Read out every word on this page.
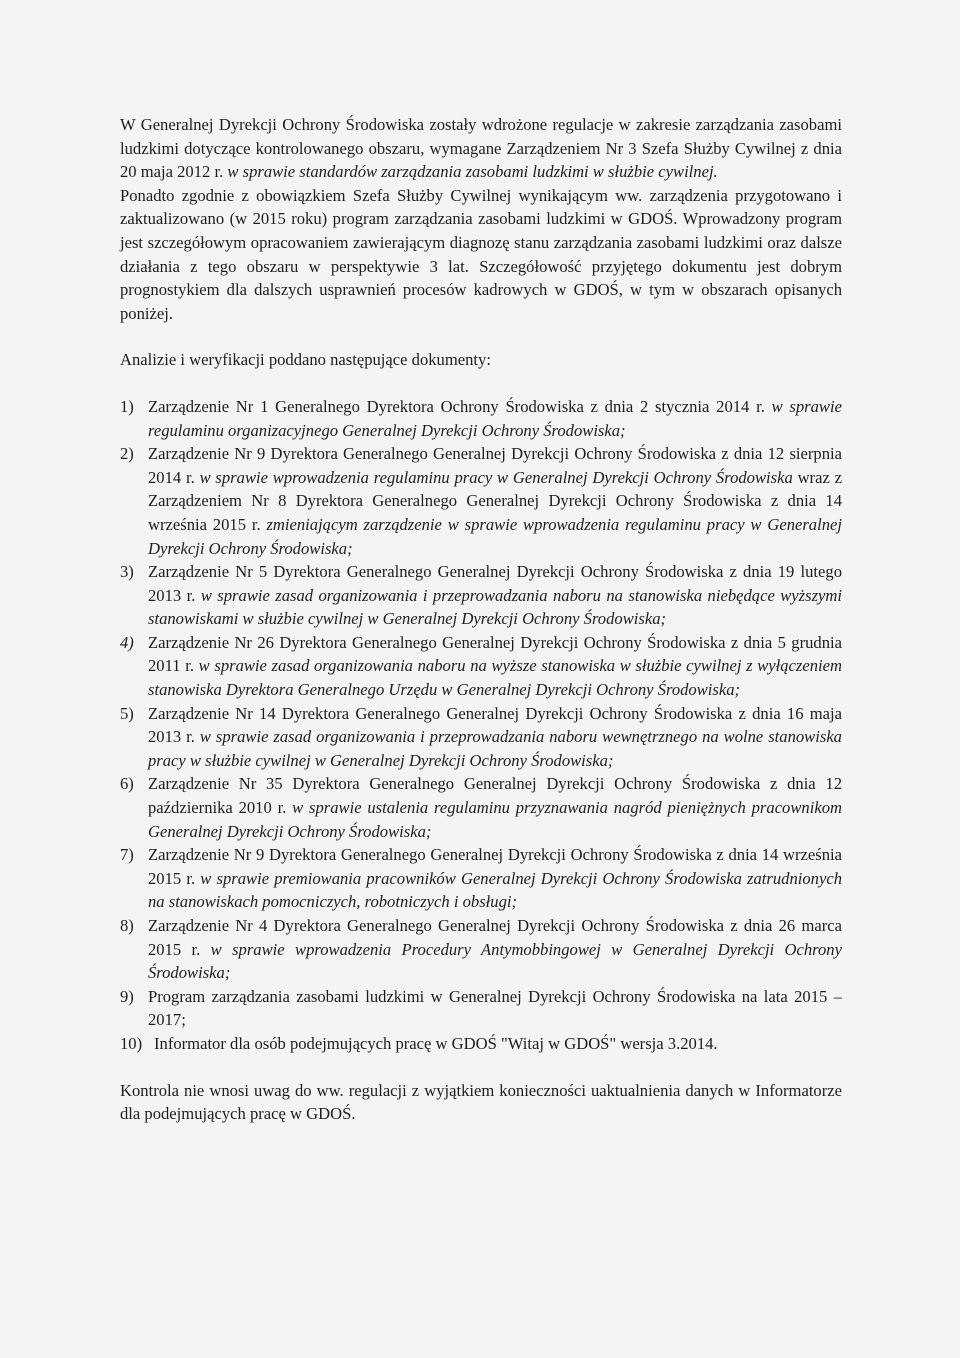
W Generalnej Dyrekcji Ochrony Środowiska zostały wdrożone regulacje w zakresie zarządzania zasobami ludzkimi dotyczące kontrolowanego obszaru, wymagane Zarządzeniem Nr 3 Szefa Służby Cywilnej z dnia 20 maja 2012 r. w sprawie standardów zarządzania zasobami ludzkimi w służbie cywilnej.

Ponadto zgodnie z obowiązkiem Szefa Służby Cywilnej wynikającym ww. zarządzenia przygotowano i zaktualizowano (w 2015 roku) program zarządzania zasobami ludzkimi w GDOŚ. Wprowadzony program jest szczegółowym opracowaniem zawierającym diagnozę stanu zarządzania zasobami ludzkimi oraz dalsze działania z tego obszaru w perspektywie 3 lat. Szczegółowość przyjętego dokumentu jest dobrym prognostykiem dla dalszych usprawnień procesów kadrowych w GDOŚ, w tym w obszarach opisanych poniżej.

Analizie i weryfikacji poddano następujące dokumenty:

1) Zarządzenie Nr 1 Generalnego Dyrektora Ochrony Środowiska z dnia 2 stycznia 2014 r. w sprawie regulaminu organizacyjnego Generalnej Dyrekcji Ochrony Środowiska;
2) Zarządzenie Nr 9 Dyrektora Generalnego Generalnej Dyrekcji Ochrony Środowiska z dnia 12 sierpnia 2014 r. w sprawie wprowadzenia regulaminu pracy w Generalnej Dyrekcji Ochrony Środowiska wraz z Zarządzeniem Nr 8 Dyrektora Generalnego Generalnej Dyrekcji Ochrony Środowiska z dnia 14 września 2015 r. zmieniającym zarządzenie w sprawie wprowadzenia regulaminu pracy w Generalnej Dyrekcji Ochrony Środowiska;
3) Zarządzenie Nr 5 Dyrektora Generalnego Generalnej Dyrekcji Ochrony Środowiska z dnia 19 lutego 2013 r. w sprawie zasad organizowania i przeprowadzania naboru na stanowiska niebędące wyższymi stanowiskami w służbie cywilnej w Generalnej Dyrekcji Ochrony Środowiska;
4) Zarządzenie Nr 26 Dyrektora Generalnego Generalnej Dyrekcji Ochrony Środowiska z dnia 5 grudnia 2011 r. w sprawie zasad organizowania naboru na wyższe stanowiska w służbie cywilnej z wyłączeniem stanowiska Dyrektora Generalnego Urzędu w Generalnej Dyrekcji Ochrony Środowiska;
5) Zarządzenie Nr 14 Dyrektora Generalnego Generalnej Dyrekcji Ochrony Środowiska z dnia 16 maja 2013 r. w sprawie zasad organizowania i przeprowadzania naboru wewnętrznego na wolne stanowiska pracy w służbie cywilnej w Generalnej Dyrekcji Ochrony Środowiska;
6) Zarządzenie Nr 35 Dyrektora Generalnego Generalnej Dyrekcji Ochrony Środowiska z dnia 12 października 2010 r. w sprawie ustalenia regulaminu przyznawania nagród pieniężnych pracownikom Generalnej Dyrekcji Ochrony Środowiska;
7) Zarządzenie Nr 9 Dyrektora Generalnego Generalnej Dyrekcji Ochrony Środowiska z dnia 14 września 2015 r. w sprawie premiowania pracowników Generalnej Dyrekcji Ochrony Środowiska zatrudnionych na stanowiskach pomocniczych, robotniczych i obsługi;
8) Zarządzenie Nr 4 Dyrektora Generalnego Generalnej Dyrekcji Ochrony Środowiska z dnia 26 marca 2015 r. w sprawie wprowadzenia Procedury Antymobbingowej w Generalnej Dyrekcji Ochrony Środowiska;
9) Program zarządzania zasobami ludzkimi w Generalnej Dyrekcji Ochrony Środowiska na lata 2015 – 2017;
10) Informator dla osób podejmujących pracę w GDOŚ "Witaj w GDOŚ" wersja 3.2014.

Kontrola nie wnosi uwag do ww. regulacji z wyjątkiem konieczności uaktualnienia danych w Informatorze dla podejmujących pracę w GDOŚ.
